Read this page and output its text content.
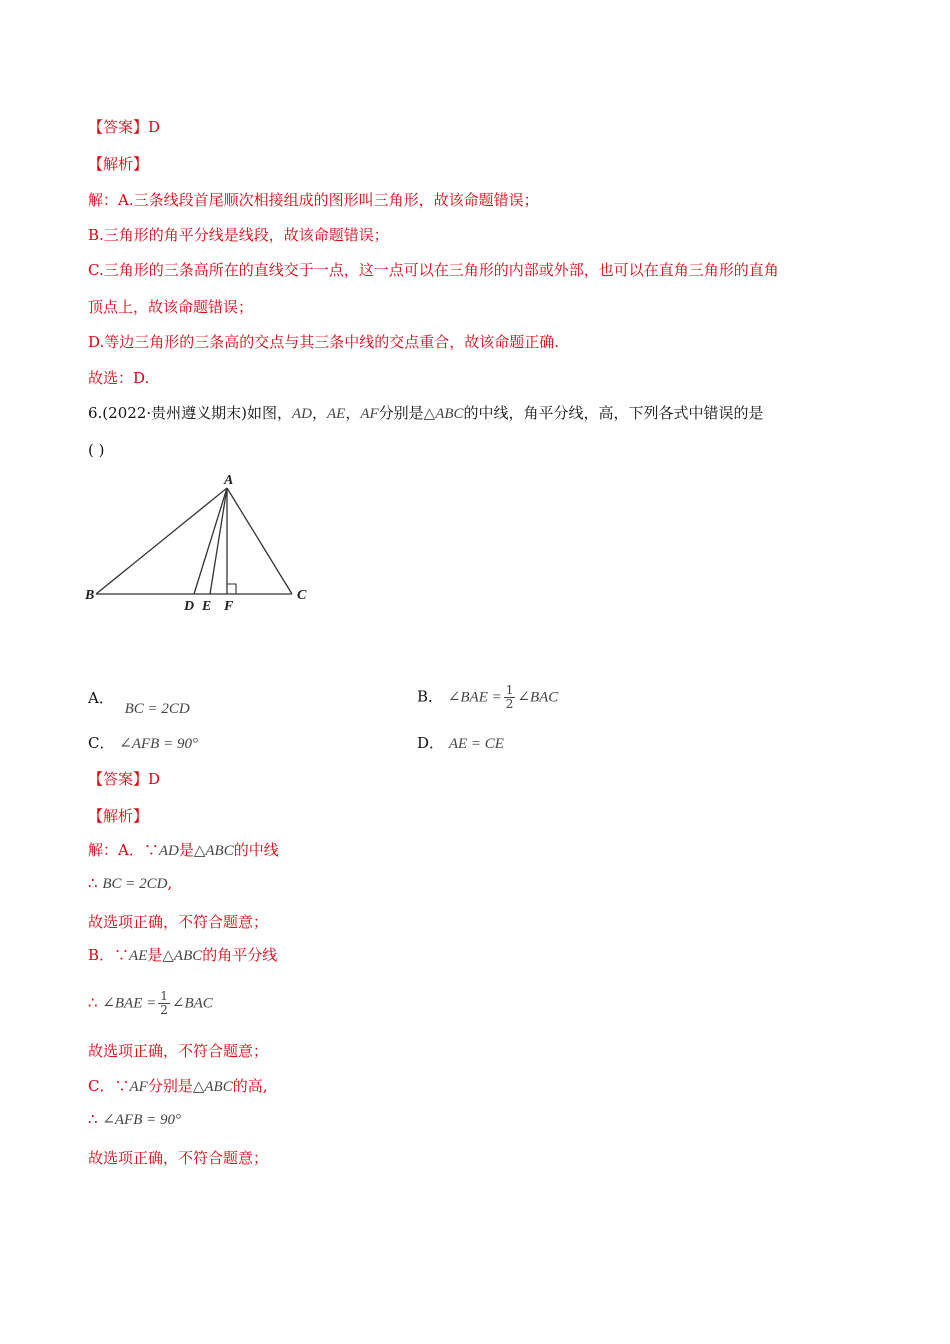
【答案】D
【解析】
解：A.三条线段首尾顺次相接组成的图形叫三角形，故该命题错误；
B.三角形的角平分线是线段，故该命题错误；
C.三角形的三条高所在的直线交于一点，这一点可以在三角形的内部或外部，也可以在直角三角形的直角
顶点上，故该命题错误；
D.等边三角形的三条高的交点与其三条中线的交点重合，故该命题正确.
故选：D.
6.(2022·贵州遵义期末)如图，AD，AE，AF分别是△ABC的中线，角平分线，高，下列各式中错误的是
( )
A
B	C
D E F
A． BC = 2CD
B． ∠BAE = $\frac{1}{2}$ ∠BAC
C． ∠AFB = 90°	D． AE = CE
【答案】D
【解析】
解：A．∵AD是△ABC的中线
∴ BC = 2CD,
故选项正确，不符合题意；
B．∵AE是△ABC的角平分线
∴ ∠BAE = $\frac{1}{2}$ ∠BAC
故选项正确，不符合题意；
C．∵AF分别是△ABC的高,
∴ ∠AFB = 90°
故选项正确，不符合题意；
